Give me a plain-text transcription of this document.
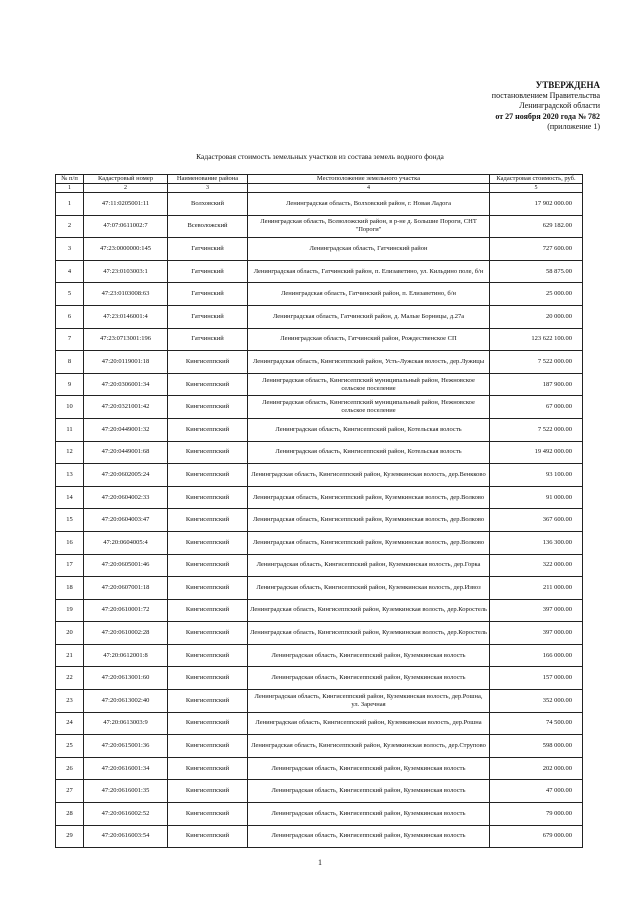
УТВЕРЖДЕНА
постановлением Правительства
Ленинградской области
от 27 ноября 2020 года № 782
(приложение 1)
Кадастровая стоимость земельных участков из состава земель водного фонда
№ п/п	Кадастровый номер	Наименование района	Местоположение земельного участка	Кадастровая стоимость, руб.
1	2	3	4	5
1	47:11:0205001:11	Волховский	Ленинградская область, Волховский район, г. Новая Ладога	17 902 000.00
2	47:07:0611002:7	Всеволожский	Ленинградская область, Всеволожский район, в р-не д. Большие Пороги, СНТ "Пороги"	629 182.00
3	47:23:0000000:145	Гатчинский	Ленинградская область, Гатчинский район	727 600.00
4	47:23:0103003:1	Гатчинский	Ленинградская область, Гатчинский район, п. Елизаветино, ул. Кильдино поле, б/н	58 875.00
5	47:23:0103008:63	Гатчинский	Ленинградская область, Гатчинский район, п. Елизаветино, б/н	25 000.00
6	47:23:0146001:4	Гатчинский	Ленинградская область, Гатчинский район, д. Малые Борницы, д.27а	20 000.00
7	47:23:0713001:196	Гатчинский	Ленинградская область, Гатчинский район, Рождественское СП	123 622 100.00
8	47:20:0119001:18	Кингисеппский	Ленинградская область, Кингисеппский район, Усть-Лужская волость, дер.Лужицы	7 522 000.00
9	47:20:0306001:34	Кингисеппский	Ленинградская область, Кингисеппский муниципальный район, Нежновское сельское поселение	187 900.00
10	47:20:0321001:42	Кингисеппский	Ленинградская область, Кингисеппский муниципальный район, Нежновское сельское поселение	67 000.00
11	47:20:0449001:32	Кингисеппский	Ленинградская область, Кингисеппский район, Котельская волость	7 522 000.00
12	47:20:0449001:68	Кингисеппский	Ленинградская область, Кингисеппский район, Котельская волость	19 492 000.00
13	47:20:0602005:24	Кингисеппский	Ленинградская область, Кингисеппский район, Куземкинская волость, дер.Венкково	93 100.00
14	47:20:0604002:33	Кингисеппский	Ленинградская область, Кингисеппский район, Куземкинская волость, дер.Волково	91 000.00
15	47:20:0604003:47	Кингисеппский	Ленинградская область, Кингисеппский район, Куземкинская волость, дер.Волково	367 600.00
16	47:20:0604005:4	Кингисеппский	Ленинградская область, Кингисеппский район, Куземкинская волость, дер.Волково	136 300.00
17	47:20:0605001:46	Кингисеппский	Ленинградская область, Кингисеппский район, Куземкинская волость, дер.Горка	322 000.00
18	47:20:0607001:18	Кингисеппский	Ленинградская область, Кингисеппский район, Куземкинская волость, дер.Извоз	211 000.00
19	47:20:0610001:72	Кингисеппский	Ленинградская область, Кингисеппский район, Куземкинская волость, дер.Коростель	397 000.00
20	47:20:0610002:28	Кингисеппский	Ленинградская область, Кингисеппский район, Куземкинская волость, дер.Коростель	397 000.00
21	47:20:0612001:8	Кингисеппский	Ленинградская область, Кингисеппский район, Куземкинская волость	166 000.00
22	47:20:0613001:60	Кингисеппский	Ленинградская область, Кингисеппский район, Куземкинская волость	157 000.00
23	47:20:0613002:40	Кингисеппский	Ленинградская область, Кингисеппский район, Куземкинская волость, дер.Рошна, ул. Заречная	352 000.00
24	47:20:0613003:9	Кингисеппский	Ленинградская область, Кингисеппский район, Куземкинская волость, дер.Рошна	74 500.00
25	47:20:0615001:36	Кингисеппский	Ленинградская область, Кингисеппский район, Куземкинская волость, дер.Струпово	598 000.00
26	47:20:0616001:34	Кингисеппский	Ленинградская область, Кингисеппский район, Куземкинская волость	202 000.00
27	47:20:0616001:35	Кингисеппский	Ленинградская область, Кингисеппский район, Куземкинская волость	47 000.00
28	47:20:0616002:52	Кингисеппский	Ленинградская область, Кингисеппский район, Куземкинская волость	79 000.00
29	47:20:0616003:54	Кингисеппский	Ленинградская область, Кингисеппский район, Куземкинская волость	679 000.00
1
